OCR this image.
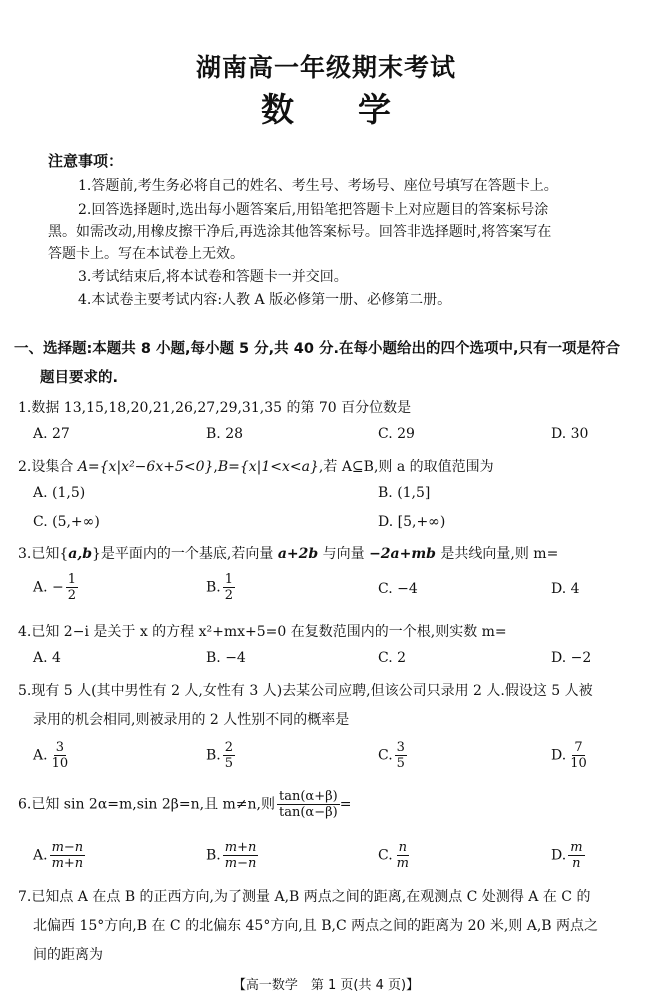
湖南高一年级期末考试
数 学
注意事项：
1.答题前,考生务必将自己的姓名、考生号、考场号、座位号填写在答题卡上。
2.回答选择题时,选出每小题答案后,用铅笔把答题卡上对应题目的答案标号涂
黑。如需改动,用橡皮擦干净后,再选涂其他答案标号。回答非选择题时,将答案写在
答题卡上。写在本试卷上无效。
3.考试结束后,将本试卷和答题卡一并交回。
4.本试卷主要考试内容:人教 A 版必修第一册、必修第二册。
一、选择题:本题共 8 小题,每小题 5 分,共 40 分.在每小题给出的四个选项中,只有一项是符合
题目要求的.
1.数据 13,15,18,20,21,26,27,29,31,35 的第 70 百分位数是
A. 27	B. 28	C. 29	D. 30
2.设集合 A={x|x²−6x+5<0},B={x|1<x<a},若 A⊆B,则 a 的取值范围为
A. (1,5)	B. (1,5]
C. (5,+∞)	D. [5,+∞)
3.已知{a,b}是平面内的一个基底,若向量 a+2b 与向量 −2a+mb 是共线向量,则 m=
A. − $\frac{1}{2}$	B. $\frac{1}{2}$	C. −4	D. 4
4.已知 2−i 是关于 x 的方程 x²+mx+5=0 在复数范围内的一个根,则实数 m=
A. 4	B. −4	C. 2	D. −2
5.现有 5 人(其中男性有 2 人,女性有 3 人)去某公司应聘,但该公司只录用 2 人.假设这 5 人被
录用的机会相同,则被录用的 2 人性别不同的概率是
A. $\frac{3}{10}$	B. $\frac{2}{5}$	C. $\frac{3}{5}$	D. $\frac{7}{10}$
6.已知 sin 2α=m,sin 2β=n,且 m≠n,则 $\frac{\tan(\alpha+\beta)}{\tan(\alpha-\beta)}$ =
A. $\frac{m-n}{m+n}$	B. $\frac{m+n}{m-n}$	C. $\frac{n}{m}$	D. $\frac{m}{n}$
7.已知点 A 在点 B 的正西方向,为了测量 A,B 两点之间的距离,在观测点 C 处测得 A 在 C 的
北偏西 15°方向,B 在 C 的北偏东 45°方向,且 B,C 两点之间的距离为 20 米,则 A,B 两点之
间的距离为
【高一数学　第 1 页(共 4 页)】
